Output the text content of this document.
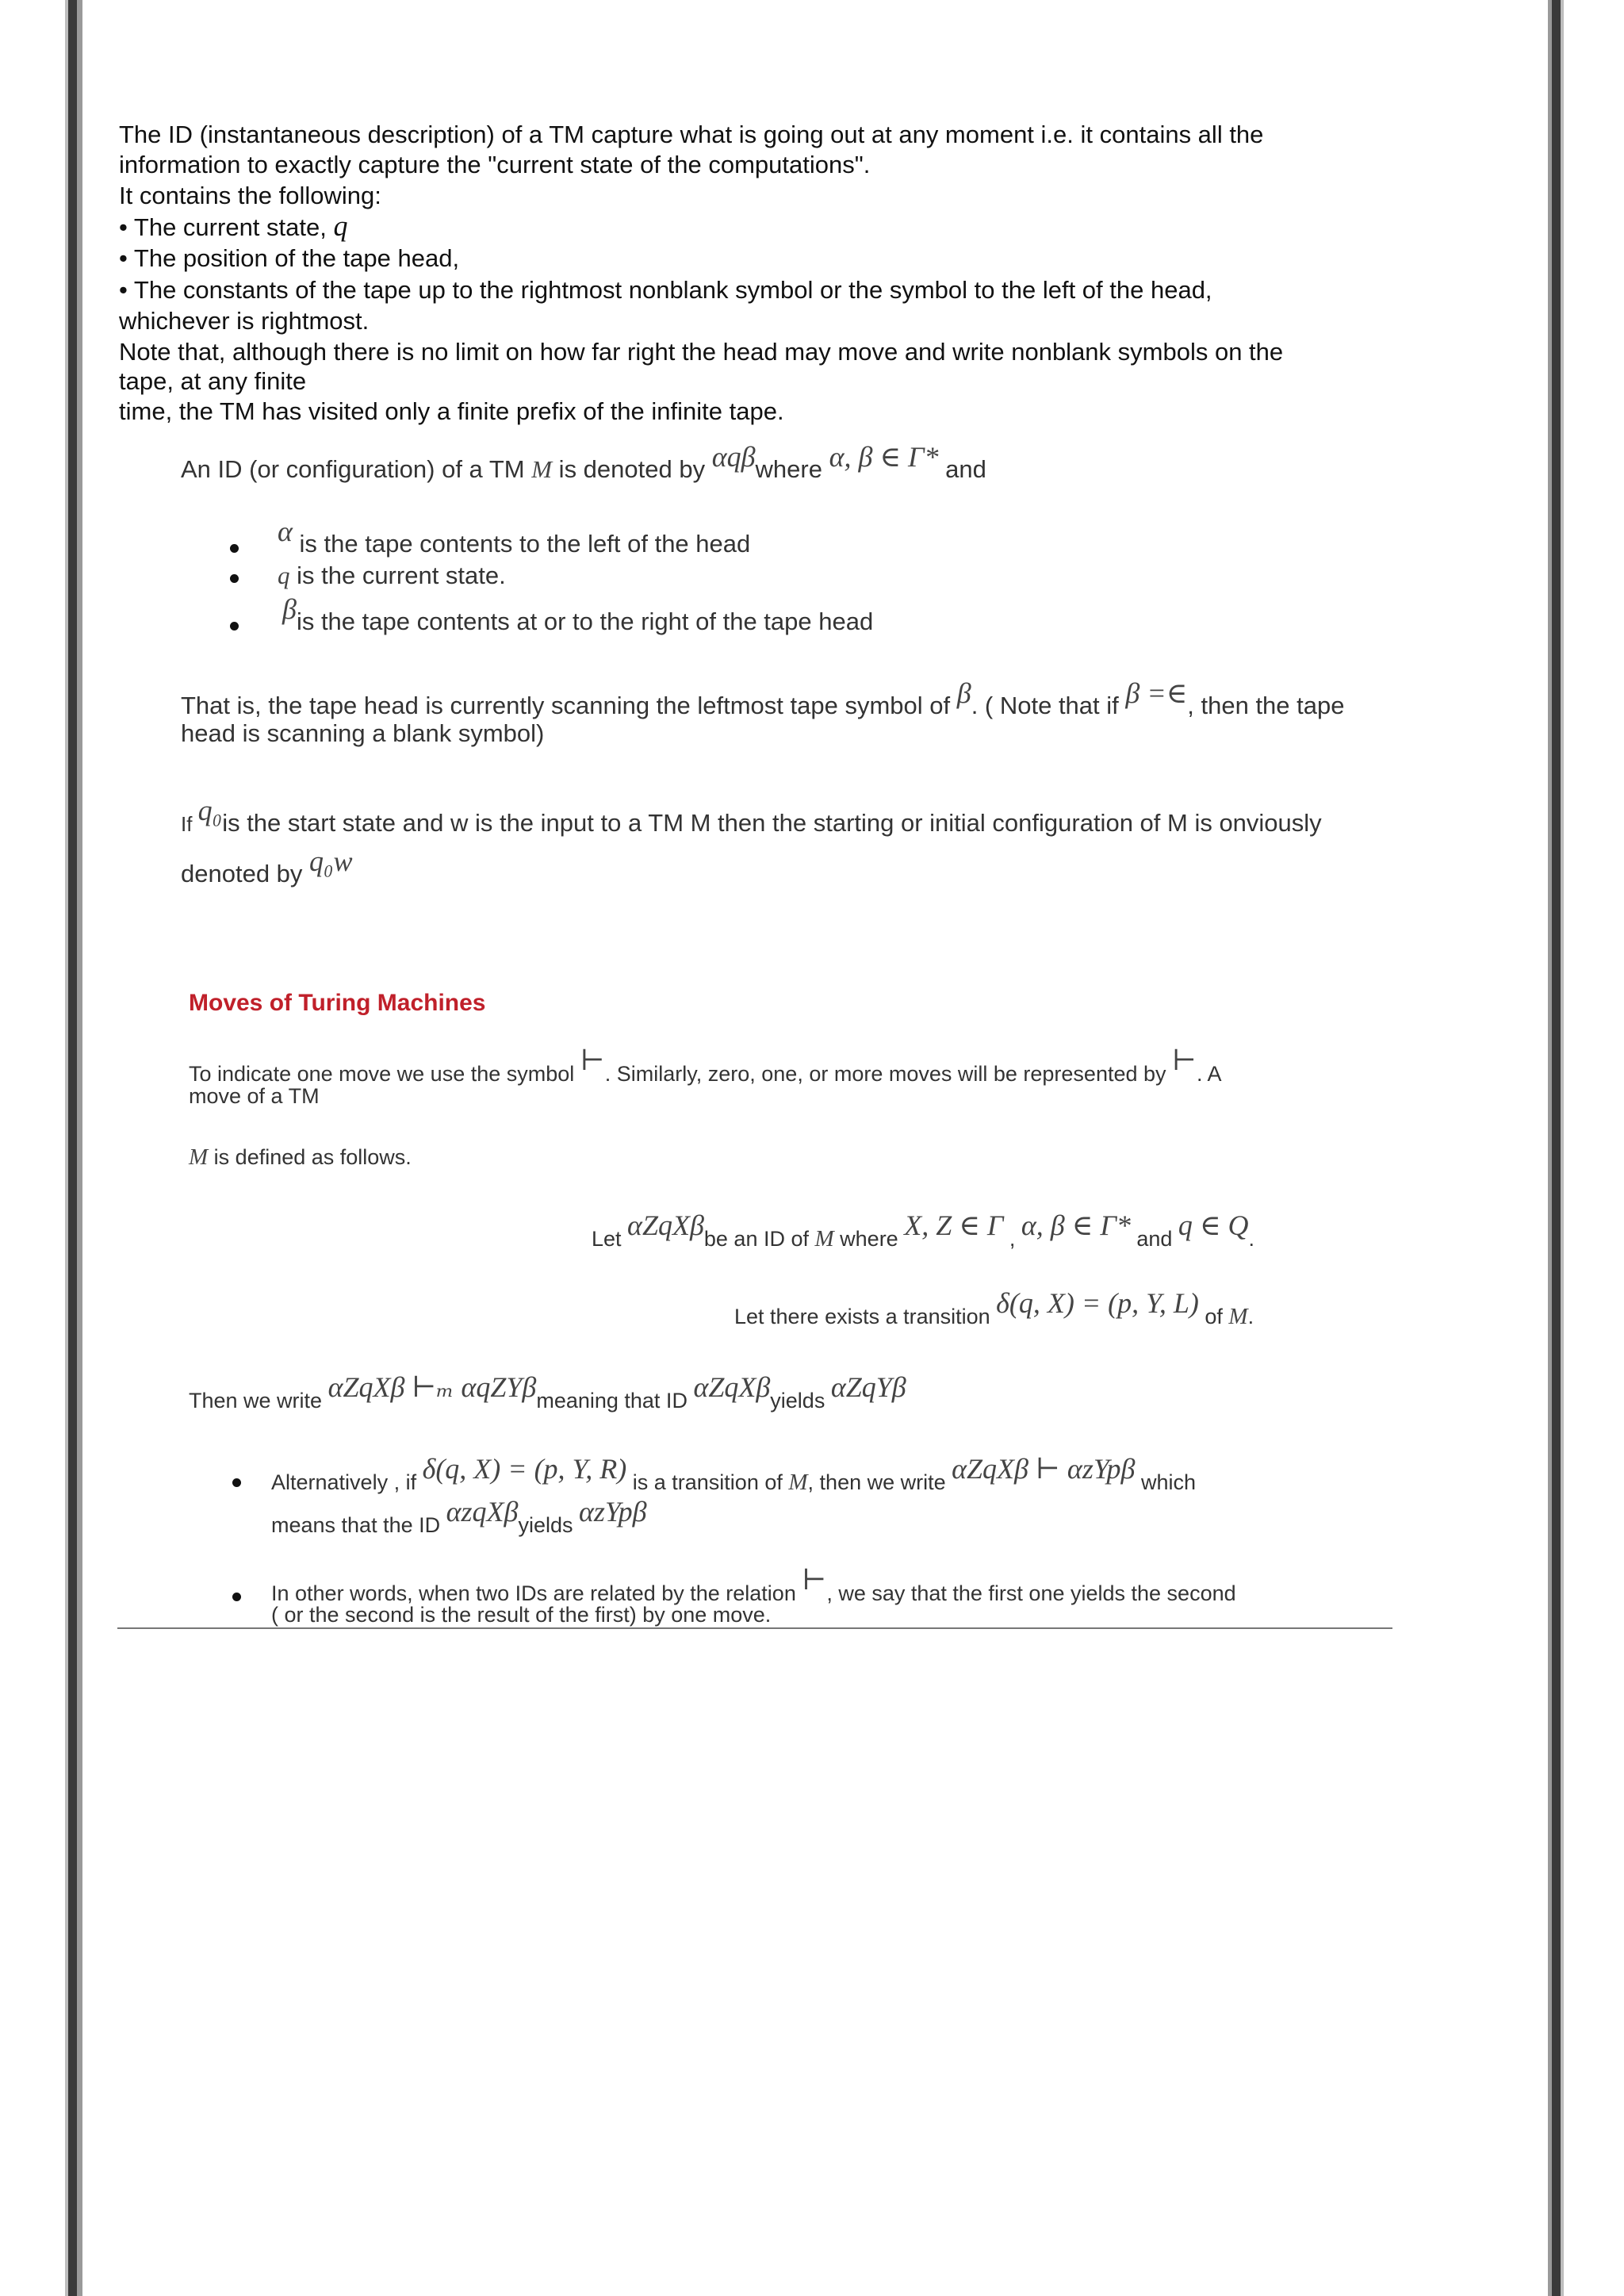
The ID (instantaneous description) of a TM capture what is going out at any moment i.e. it contains all the
information to exactly capture the "current state of the computations".
It contains the following:
• The current state, q
• The position of the tape head,
• The constants of the tape up to the rightmost nonblank symbol or the symbol to the left of the head,
whichever is rightmost.
Note that, although there is no limit on how far right the head may move and write nonblank symbols on the
tape, at any finite
time, the TM has visited only a finite prefix of the infinite tape.
An ID (or configuration) of a TM M is denoted by αqβwhere α, β ∈ Γ* and
α is the tape contents to the left of the head
q is the current state.
βis the tape contents at or to the right of the tape head
That is, the tape head is currently scanning the leftmost tape symbol of β. ( Note that if β =∈, then the tape
head is scanning a blank symbol)
If q₀is the start state and w is the input to a TM M then the starting or initial configuration of M is onviously
denoted by q₀w
Moves of Turing Machines
To indicate one move we use the symbol ⊢. Similarly, zero, one, or more moves will be represented by ⊢. A
move of a TM
M is defined as follows.
Let αZqXβbe an ID of M where X, Z ∈ Γ , α, β ∈ Γ* and q ∈ Q.
Let there exists a transition δ(q, X) = (p, Y, L) of M.
Then we write αZqXβ ⊢ₘ αqZYβmeaning that ID αZqXβyields αZqYβ
Alternatively , if δ(q, X) = (p, Y, R) is a transition of M, then we write αZqXβ ⊢ αzYpβ which
means that the ID αzqXβyields αzYpβ
In other words, when two IDs are related by the relation ⊢, we say that the first one yields the second
( or the second is the result of the first) by one move.
